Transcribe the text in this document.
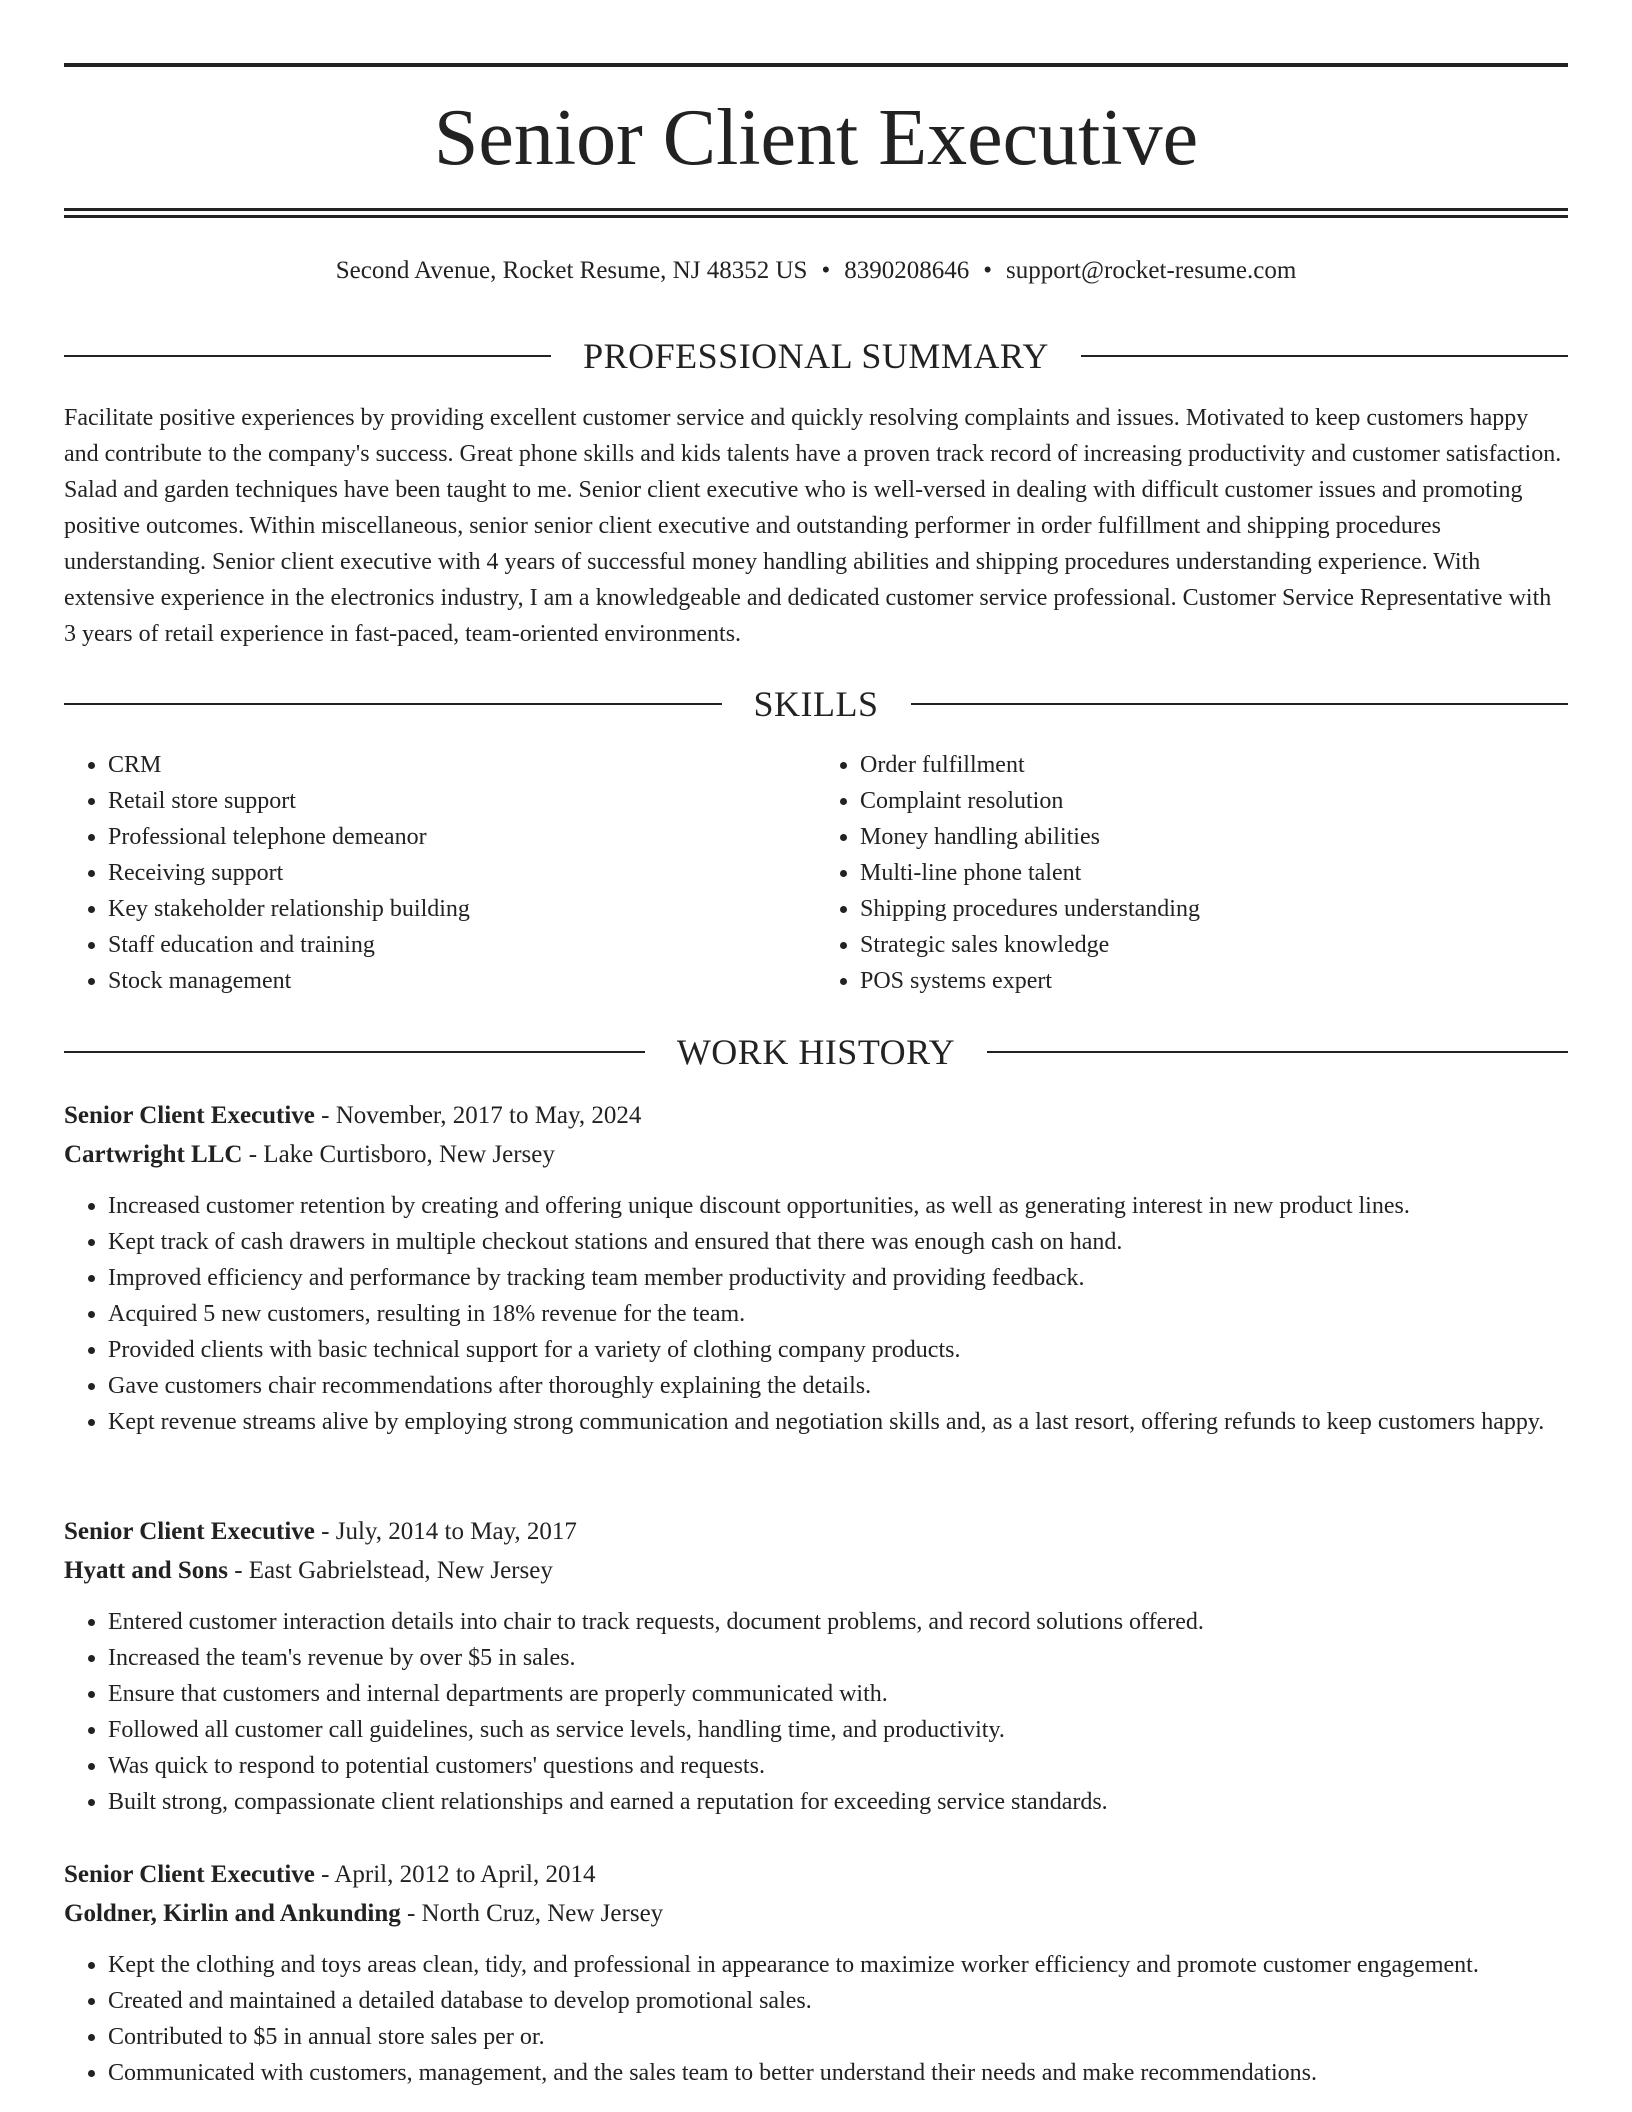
Senior Client Executive
Second Avenue, Rocket Resume, NJ 48352 US • 8390208646 • support@rocket-resume.com
PROFESSIONAL SUMMARY

Facilitate positive experiences by providing excellent customer service and quickly resolving complaints and issues. Motivated to keep customers happy and contribute to the company's success. Great phone skills and kids talents have a proven track record of increasing productivity and customer satisfaction. Salad and garden techniques have been taught to me. Senior client executive who is well-versed in dealing with difficult customer issues and promoting positive outcomes. Within miscellaneous, senior senior client executive and outstanding performer in order fulfillment and shipping procedures understanding. Senior client executive with 4 years of successful money handling abilities and shipping procedures understanding experience. With extensive experience in the electronics industry, I am a knowledgeable and dedicated customer service professional. Customer Service Representative with 3 years of retail experience in fast-paced, team-oriented environments.

SKILLS
• CRM
• Retail store support
• Professional telephone demeanor
• Receiving support
• Key stakeholder relationship building
• Staff education and training
• Stock management
• Order fulfillment
• Complaint resolution
• Money handling abilities
• Multi-line phone talent
• Shipping procedures understanding
• Strategic sales knowledge
• POS systems expert
WORK HISTORY
Senior Client Executive - November, 2017 to May, 2024
Cartwright LLC - Lake Curtisboro, New Jersey
• Increased customer retention by creating and offering unique discount opportunities, as well as generating interest in new product lines.
• Kept track of cash drawers in multiple checkout stations and ensured that there was enough cash on hand.
• Improved efficiency and performance by tracking team member productivity and providing feedback.
• Acquired 5 new customers, resulting in 18% revenue for the team.
• Provided clients with basic technical support for a variety of clothing company products.
• Gave customers chair recommendations after thoroughly explaining the details.
• Kept revenue streams alive by employing strong communication and negotiation skills and, as a last resort, offering refunds to keep customers happy.
Senior Client Executive - July, 2014 to May, 2017
Hyatt and Sons - East Gabrielstead, New Jersey
• Entered customer interaction details into chair to track requests, document problems, and record solutions offered.
• Increased the team's revenue by over $5 in sales.
• Ensure that customers and internal departments are properly communicated with.
• Followed all customer call guidelines, such as service levels, handling time, and productivity.
• Was quick to respond to potential customers' questions and requests.
• Built strong, compassionate client relationships and earned a reputation for exceeding service standards.
Senior Client Executive - April, 2012 to April, 2014
Goldner, Kirlin and Ankunding - North Cruz, New Jersey
• Kept the clothing and toys areas clean, tidy, and professional in appearance to maximize worker efficiency and promote customer engagement.
• Created and maintained a detailed database to develop promotional sales.
• Contributed to $5 in annual store sales per or.
• Communicated with customers, management, and the sales team to better understand their needs and make recommendations.
